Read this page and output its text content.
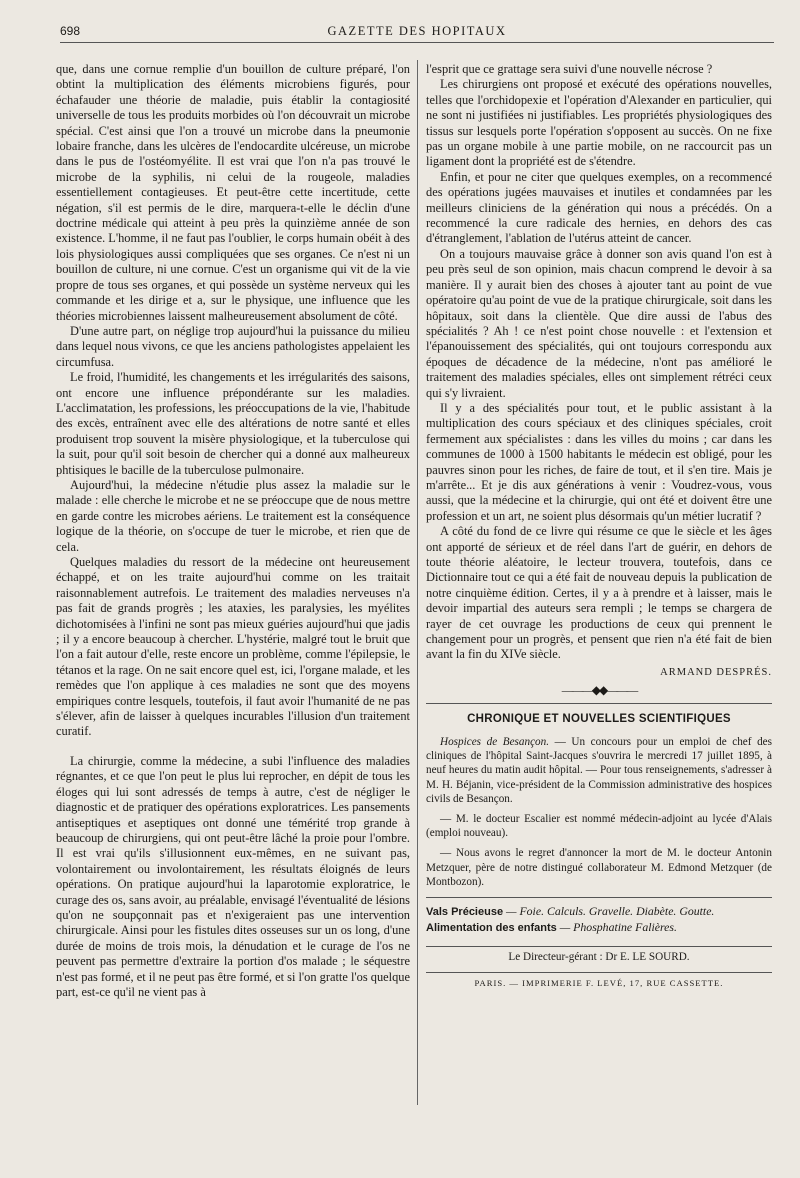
698	GAZETTE DES HOPITAUX

que, dans une cornue remplie d'un bouillon de culture préparé, l'on obtint la multiplication des éléments microbiens figurés, pour échafauder une théorie de maladie, puis établir la contagiosité universelle de tous les produits morbides où l'on découvrait un microbe spécial. C'est ainsi que l'on a trouvé un microbe dans la pneumonie lobaire franche, dans les ulcères de l'endocardite ulcéreuse, un microbe dans le pus de l'ostéomyélite. Il est vrai que l'on n'a pas trouvé le microbe de la syphilis, ni celui de la rougeole, maladies essentiellement contagieuses. Et peut-être cette incertitude, cette négation, s'il est permis de le dire, marquera-t-elle le déclin d'une doctrine médicale qui atteint à peu près la quinzième année de son existence. L'homme, il ne faut pas l'oublier, le corps humain obéit à des lois physiologiques aussi compliquées que ses organes. Ce n'est ni un bouillon de culture, ni une cornue. C'est un organisme qui vit de la vie propre de tous ses organes, et qui possède un système nerveux qui les commande et les dirige et a, sur le physique, une influence que les théories microbiennes laissent malheureusement absolument de côté.

D'une autre part, on néglige trop aujourd'hui la puissance du milieu dans lequel nous vivons, ce que les anciens pathologistes appelaient les circumfusa.

Le froid, l'humidité, les changements et les irrégularités des saisons, ont encore une influence prépondérante sur les maladies. L'acclimatation, les professions, les préoccupations de la vie, l'habitude des excès, entraînent avec elle des altérations de notre santé et elles produisent trop souvent la misère physiologique, et la tuberculose qui la suit, pour qu'il soit besoin de chercher qui a donné aux malheureux phtisiques le bacille de la tuberculose pulmonaire.

Aujourd'hui, la médecine n'étudie plus assez la maladie sur le malade : elle cherche le microbe et ne se préoccupe que de nous mettre en garde contre les microbes aériens. Le traitement est la conséquence logique de la théorie, on s'occupe de tuer le microbe, et rien que de cela.

Quelques maladies du ressort de la médecine ont heureusement échappé, et on les traite aujourd'hui comme on les traitait raisonnablement autrefois. Le traitement des maladies nerveuses n'a pas fait de grands progrès ; les ataxies, les paralysies, les myélites dichotomisées à l'infini ne sont pas mieux guéries aujourd'hui que jadis ; il y a encore beaucoup à chercher. L'hystérie, malgré tout le bruit que l'on a fait autour d'elle, reste encore un problème, comme l'épilepsie, le tétanos et la rage. On ne sait encore quel est, ici, l'organe malade, et les remèdes que l'on applique à ces maladies ne sont que des moyens empiriques contre lesquels, toutefois, il faut avoir l'humanité de ne pas s'élever, afin de laisser à quelques incurables l'illusion d'un traitement curatif.

La chirurgie, comme la médecine, a subi l'influence des maladies régnantes, et ce que l'on peut le plus lui reprocher, en dépit de tous les éloges qui lui sont adressés de temps à autre, c'est de négliger le diagnostic et de pratiquer des opérations exploratrices. Les pansements antiseptiques et aseptiques ont donné une témérité trop grande à beaucoup de chirurgiens, qui ont peut-être lâché la proie pour l'ombre. Il est vrai qu'ils s'illusionnent eux-mêmes, en ne suivant pas, volontairement ou involontairement, les résultats éloignés de leurs opérations. On pratique aujourd'hui la laparotomie exploratrice, le curage des os, sans avoir, au préalable, envisagé l'éventualité de lésions qu'on ne soupçonnait pas et n'exigeraient pas une intervention chirurgicale. Ainsi pour les fistules dites osseuses sur un os long, d'une durée de moins de trois mois, la dénudation et le curage de l'os ne peuvent pas permettre d'extraire la portion d'os malade ; le séquestre n'est pas formé, et il ne peut pas être formé, et si l'on gratte l'os quelque part, est-ce qu'il ne vient pas à

l'esprit que ce grattage sera suivi d'une nouvelle nécrose ?

Les chirurgiens ont proposé et exécuté des opérations nouvelles, telles que l'orchidopexie et l'opération d'Alexander en particulier, qui ne sont ni justifiées ni justifiables. Les propriétés physiologiques des tissus sur lesquels porte l'opération s'opposent au succès. On ne fixe pas un organe mobile à une partie mobile, on ne raccourcit pas un ligament dont la propriété est de s'étendre.

Enfin, et pour ne citer que quelques exemples, on a recommencé des opérations jugées mauvaises et inutiles et condamnées par les meilleurs cliniciens de la génération qui nous a précédés. On a recommencé la cure radicale des hernies, en dehors des cas d'étranglement, l'ablation de l'utérus atteint de cancer.

On a toujours mauvaise grâce à donner son avis quand l'on est à peu près seul de son opinion, mais chacun comprend le devoir à sa manière. Il y aurait bien des choses à ajouter tant au point de vue opératoire qu'au point de vue de la pratique chirurgicale, soit dans les hôpitaux, soit dans la clientèle. Que dire aussi de l'abus des spécialités ? Ah ! ce n'est point chose nouvelle : et l'extension et l'épanouissement des spécialités, qui ont toujours correspondu aux époques de décadence de la médecine, n'ont pas amélioré le traitement des maladies spéciales, elles ont simplement rétréci ceux qui s'y livraient.

Il y a des spécialités pour tout, et le public assistant à la multiplication des cours spéciaux et des cliniques spéciales, croit fermement aux spécialistes : dans les villes du moins ; car dans les communes de 1000 à 1500 habitants le médecin est obligé, pour les pauvres sinon pour les riches, de faire de tout, et il s'en tire. Mais je m'arrête... Et je dis aux générations à venir : Voudrez-vous, vous aussi, que la médecine et la chirurgie, qui ont été et doivent être une profession et un art, ne soient plus désormais qu'un métier lucratif ?

A côté du fond de ce livre qui résume ce que le siècle et les âges ont apporté de sérieux et de réel dans l'art de guérir, en dehors de toute théorie aléatoire, le lecteur trouvera, toutefois, dans ce Dictionnaire tout ce qui a été fait de nouveau depuis la publication de notre cinquième édition. Certes, il y a à prendre et à laisser, mais le devoir impartial des auteurs sera rempli ; le temps se chargera de rayer de cet ouvrage les productions de ceux qui prennent le changement pour un progrès, et pensent que rien n'a été fait de bien avant la fin du XIVe siècle.

ARMAND DESPRÉS.
———◆◆———
CHRONIQUE ET NOUVELLES SCIENTIFIQUES

Hospices de Besançon. — Un concours pour un emploi de chef des cliniques de l'hôpital Saint-Jacques s'ouvrira le mercredi 17 juillet 1895, à neuf heures du matin audit hôpital. — Pour tous renseignements, s'adresser à M. H. Béjanin, vice-président de la Commission administrative des hospices civils de Besançon.

— M. le docteur Escalier est nommé médecin-adjoint au lycée d'Alais (emploi nouveau).

— Nous avons le regret d'annoncer la mort de M. le docteur Antonin Metzquer, père de notre distingué collaborateur M. Edmond Metzquer (de Montbozon).

Vals Précieuse — Foie. Calculs. Gravelle. Diabète. Goutte.

Alimentation des enfants — Phosphatine Falières.

Le Directeur-gérant : Dr E. LE SOURD.
PARIS. — IMPRIMERIE F. LEVÉ, 17, RUE CASSETTE.
